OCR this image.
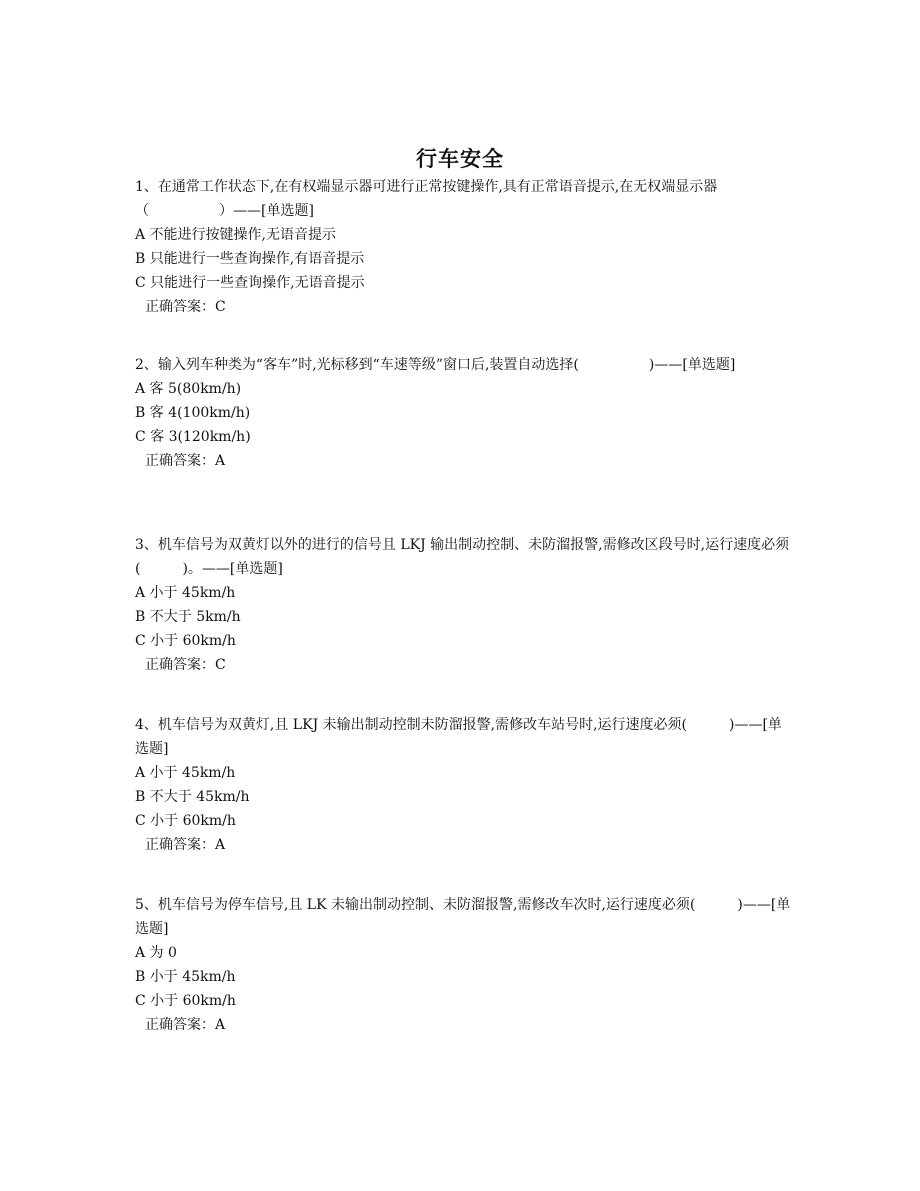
行车安全
1、在通常工作状态下,在有权端显示器可进行正常按键操作,具有正常语音提示,在无权端显示器（　　　　　）——[单选题]
A 不能进行按键操作,无语音提示
B 只能进行一些查询操作,有语音提示
C 只能进行一些查询操作,无语音提示
正确答案：C
2、输入列车种类为“客车”时,光标移到“车速等级”窗口后,装置自动选择(　　　　　)——[单选题]
A 客 5(80km/h)
B 客 4(100km/h)
C 客 3(120km/h)
正确答案：A
3、机车信号为双黄灯以外的进行的信号且 LKJ 输出制动控制、未防溜报警,需修改区段号时,运行速度必须(　　　)。——[单选题]
A 小于 45km/h
B 不大于 5km/h
C 小于 60km/h
正确答案：C
4、机车信号为双黄灯,且 LKJ 未输出制动控制未防溜报警,需修改车站号时,运行速度必须(　　　)——[单选题]
A 小于 45km/h
B 不大于 45km/h
C 小于 60km/h
正确答案：A
5、机车信号为停车信号,且 LK 未输出制动控制、未防溜报警,需修改车次时,运行速度必须(　　　)——[单选题]
A 为 0
B 小于 45km/h
C 小于 60km/h
正确答案：A
